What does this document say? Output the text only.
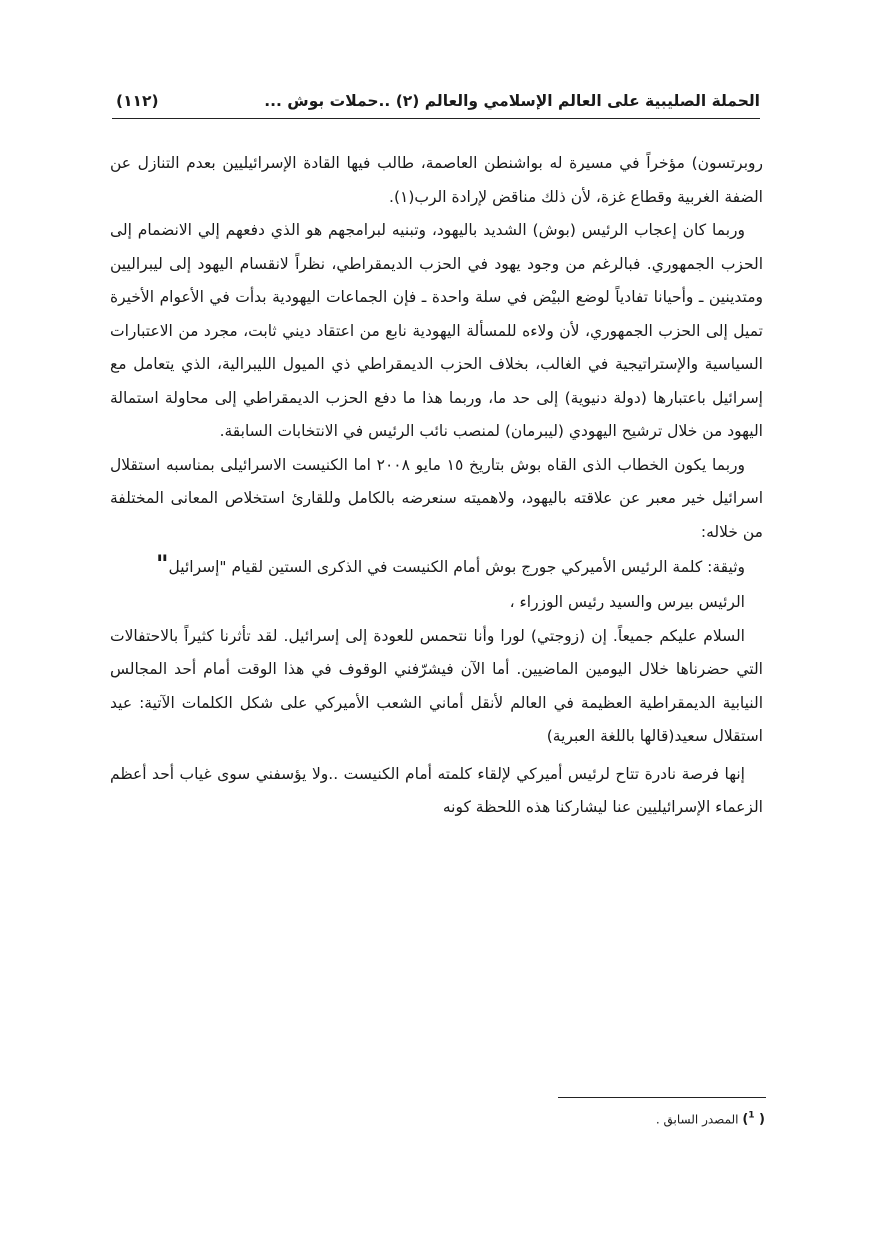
الحملة الصليبية على العالم الإسلامي والعالم (٢) ..حملات بوش ...
(١١٢)

روبرتسون) مؤخراً في مسيرة له بواشنطن العاصمة، طالب فيها القادة الإسرائيليين بعدم التنازل عن الضفة الغربية وقطاع غزة، لأن ذلك مناقض لإرادة الرب(١).

وربما كان إعجاب الرئيس (بوش) الشديد باليهود، وتبنيه لبرامجهم هو الذي دفعهم إلي الانضمام إلى الحزب الجمهوري. فبالرغم من وجود يهود في الحزب الديمقراطي، نظراً لانقسام اليهود إلى ليبراليين ومتدينين ـ وأحيانا تفادياً لوضع البيْض في سلة واحدة ـ فإن الجماعات اليهودية بدأت في الأعوام الأخيرة تميل إلى الحزب الجمهوري، لأن ولاءه للمسألة اليهودية نابع من اعتقاد ديني ثابت، مجرد من الاعتبارات السياسية والإستراتيجية في الغالب، بخلاف الحزب الديمقراطي ذي الميول الليبرالية، الذي يتعامل مع إسرائيل باعتبارها (دولة دنيوية) إلى حد ما، وربما هذا ما دفع الحزب الديمقراطي إلى محاولة استمالة اليهود من خلال ترشيح اليهودي (ليبرمان) لمنصب نائب الرئيس في الانتخابات السابقة.

وربما يكون الخطاب الذى القاه بوش بتاريخ ١٥ مايو ٢٠٠٨ اما الكنيست الاسرائيلى بمناسبه استقلال اسرائيل خير معبر عن علاقته باليهود، ولاهميته سنعرضه بالكامل وللقارئ استخلاص المعانى المختلفة من خلاله:

وثيقة: كلمة الرئيس الأميركي جورج بوش أمام الكنيست في الذكرى الستين لقيام "إسرائيل"

الرئيس بيرس والسيد رئيس الوزراء ،

السلام عليكم جميعاً. إن (زوجتي) لورا وأنا نتحمس للعودة إلى إسرائيل. لقد تأثرنا كثيراً بالاحتفالات التي حضرناها خلال اليومين الماضيين. أما الآن فيشرّفني الوقوف في هذا الوقت أمام أحد المجالس النيابية الديمقراطية العظيمة في العالم لأنقل أماني الشعب الأميركي على شكل الكلمات الآتية: عيد استقلال سعيد(قالها باللغة العبرية)

إنها فرصة نادرة تتاح لرئيس أميركي لإلقاء كلمته أمام الكنيست ..ولا يؤسفني سوى غياب أحد أعظم الزعماء الإسرائيليين عنا ليشاركنا هذه اللحظة كونه

( $^1$) المصدر السابق .
